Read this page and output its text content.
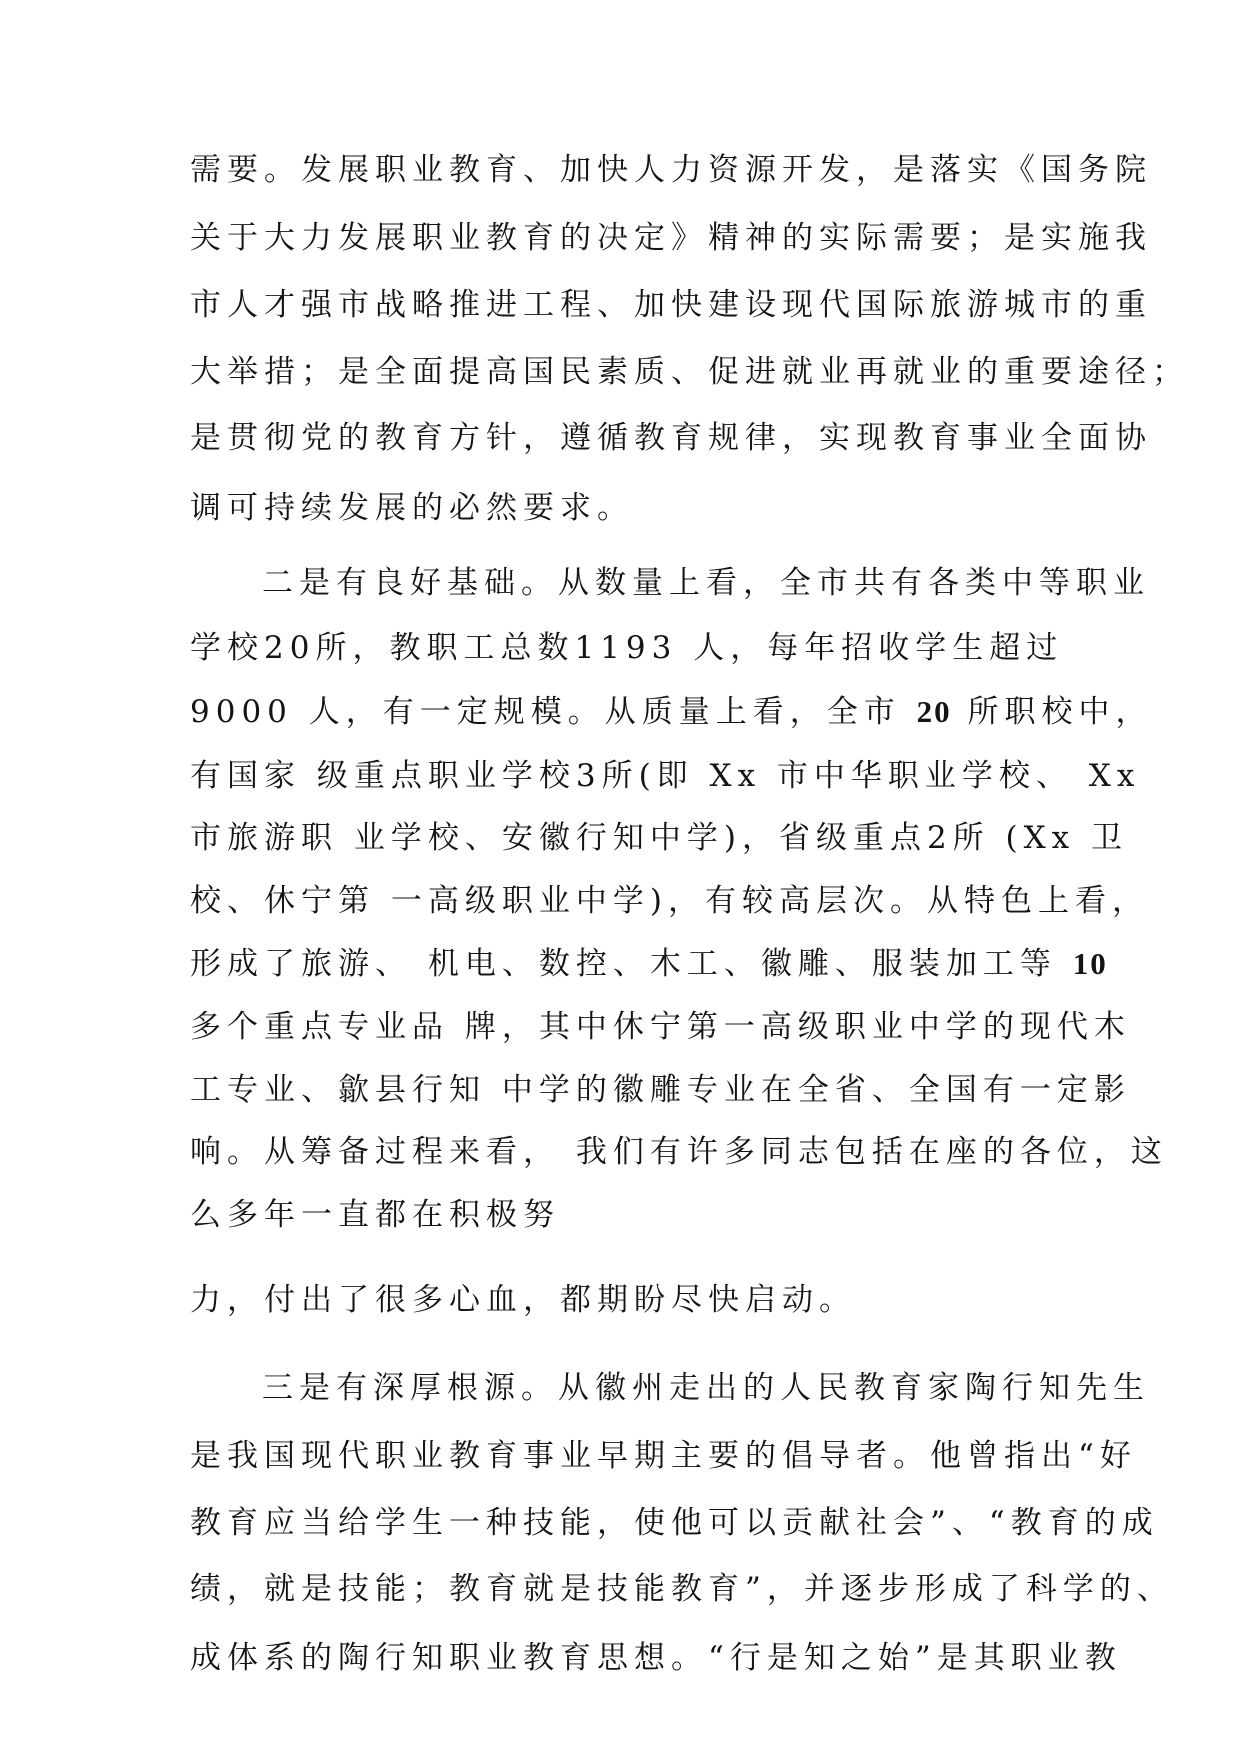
需要。发展职业教育、加快人力资源开发，是落实《国务院
关于大力发展职业教育的决定》精神的实际需要；是实施我
市人才强市战略推进工程、加快建设现代国际旅游城市的重
大举措；是全面提高国民素质、促进就业再就业的重要途径；
是贯彻党的教育方针，遵循教育规律，实现教育事业全面协
调可持续发展的必然要求。
二是有良好基础。从数量上看，全市共有各类中等职业
学校20所，教职工总数1193 人，每年招收学生超过
9000 人，有一定规模。从质量上看，全市 20 所职校中，
有国家 级重点职业学校3所(即 Xx 市中华职业学校、 Xx
市旅游职 业学校、安徽行知中学)，省级重点2所 (Xx 卫
校、休宁第 一高级职业中学)，有较高层次。从特色上看，
形成了旅游、 机电、数控、木工、徽雕、服装加工等 10
多个重点专业品 牌，其中休宁第一高级职业中学的现代木
工专业、歙县行知 中学的徽雕专业在全省、全国有一定影
响。从筹备过程来看， 我们有许多同志包括在座的各位，这
么多年一直都在积极努
力，付出了很多心血，都期盼尽快启动。
三是有深厚根源。从徽州走出的人民教育家陶行知先生
是我国现代职业教育事业早期主要的倡导者。他曾指出“好
教育应当给学生一种技能，使他可以贡献社会”、“教育的成
绩，就是技能；教育就是技能教育”，并逐步形成了科学的、
成体系的陶行知职业教育思想。“行是知之始”是其职业教
